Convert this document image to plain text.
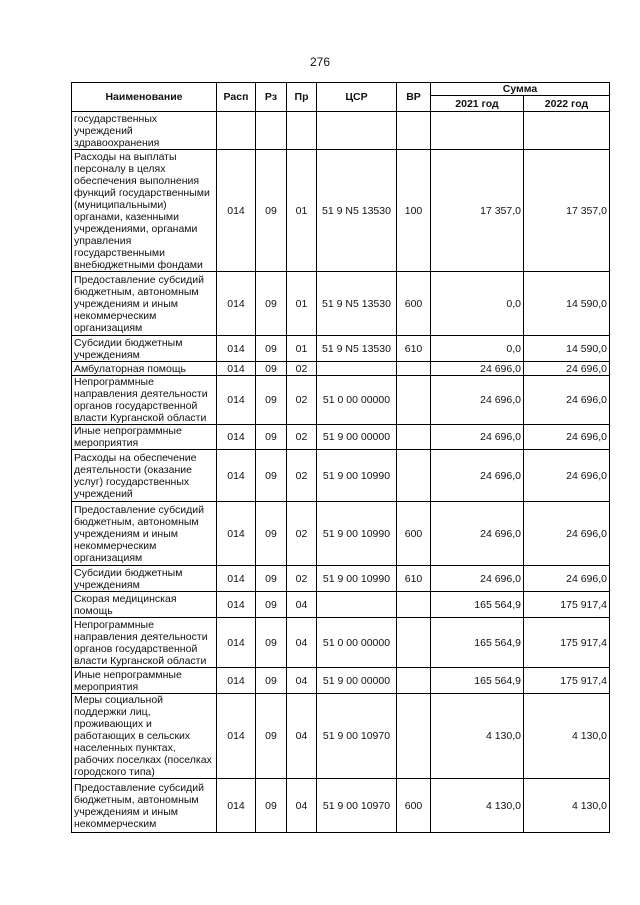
276
Наименование	Расп	Рз	Пр	ЦСР	ВР	Сумма	
						2021 год	2022 год
государственных учреждений здравоохранения							
Расходы на выплаты персоналу в целях обеспечения выполнения функций государственными (муниципальными) органами, казенными учреждениями, органами управления государственными внебюджетными фондами	014	09	01	51 9 N5 13530	100	17 357,0	17 357,0
Предоставление субсидий бюджетным, автономным учреждениям и иным некоммерческим организациям	014	09	01	51 9 N5 13530	600	0,0	14 590,0
Субсидии бюджетным учреждениям	014	09	01	51 9 N5 13530	610	0,0	14 590,0
Амбулаторная помощь	014	09	02			24 696,0	24 696,0
Непрограммные направления деятельности органов государственной власти Курганской области	014	09	02	51 0 00 00000		24 696,0	24 696,0
Иные непрограммные мероприятия	014	09	02	51 9 00 00000		24 696,0	24 696,0
Расходы на обеспечение деятельности (оказание услуг) государственных учреждений	014	09	02	51 9 00 10990		24 696,0	24 696,0
Предоставление субсидий бюджетным, автономным учреждениям и иным некоммерческим организациям	014	09	02	51 9 00 10990	600	24 696,0	24 696,0
Субсидии бюджетным учреждениям	014	09	02	51 9 00 10990	610	24 696,0	24 696,0
Скорая медицинская помощь	014	09	04			165 564,9	175 917,4
Непрограммные направления деятельности органов государственной власти Курганской области	014	09	04	51 0 00 00000		165 564,9	175 917,4
Иные непрограммные мероприятия	014	09	04	51 9 00 00000		165 564,9	175 917,4
Меры социальной поддержки лиц, проживающих и работающих в сельских населенных пунктах, рабочих поселках (поселках городского типа)	014	09	04	51 9 00 10970		4 130,0	4 130,0
Предоставление субсидий бюджетным, автономным учреждениям и иным некоммерческим	014	09	04	51 9 00 10970	600	4 130,0	4 130,0
